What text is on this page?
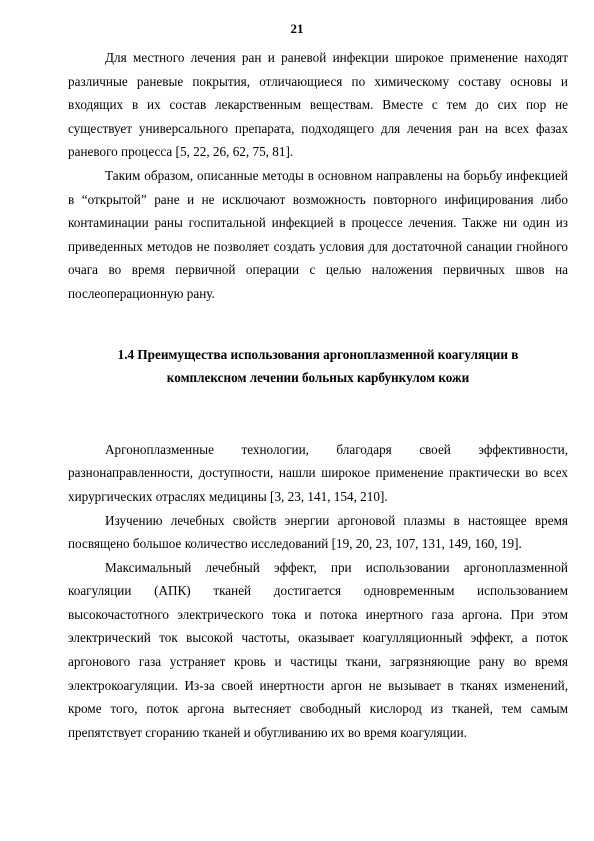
21

Для местного лечения ран и раневой инфекции широкое применение находят различные раневые покрытия, отличающиеся по химическому составу основы и входящих в их состав лекарственным веществам. Вместе с тем до сих пор не существует универсального препарата, подходящего для лечения ран на всех фазах раневого процесса [5, 22, 26, 62, 75, 81].

Таким образом, описанные методы в основном направлены на борьбу инфекцией в “открытой” ране и не исключают возможность повторного инфицирования либо контаминации раны госпитальной инфекцией в процессе лечения. Также ни один из приведенных методов не позволяет создать условия для достаточной санации гнойного очага во время первичной операции с целью наложения первичных швов на послеоперационную рану.

1.4 Преимущества использования аргоноплазменной коагуляции в комплексном лечении больных карбункулом кожи

Аргоноплазменные технологии, благодаря своей эффективности, разнонаправленности, доступности, нашли широкое применение практически во всех хирургических отраслях медицины [3, 23, 141, 154, 210].

Изучению лечебных свойств энергии аргоновой плазмы в настоящее время посвящено большое количество исследований [19, 20, 23, 107, 131, 149, 160, 19].

Максимальный лечебный эффект, при использовании аргоноплазменной коагуляции (АПК) тканей достигается одновременным использованием высокочастотного электрического тока и потока инертного газа аргона. При этом электрический ток высокой частоты, оказывает коагулляционный эффект, а поток аргонового газа устраняет кровь и частицы ткани, загрязняющие рану во время электрокоагуляции. Из-за своей инертности аргон не вызывает в тканях изменений, кроме того, поток аргона вытесняет свободный кислород из тканей, тем самым препятствует сгоранию тканей и обугливанию их во время коагуляции.
